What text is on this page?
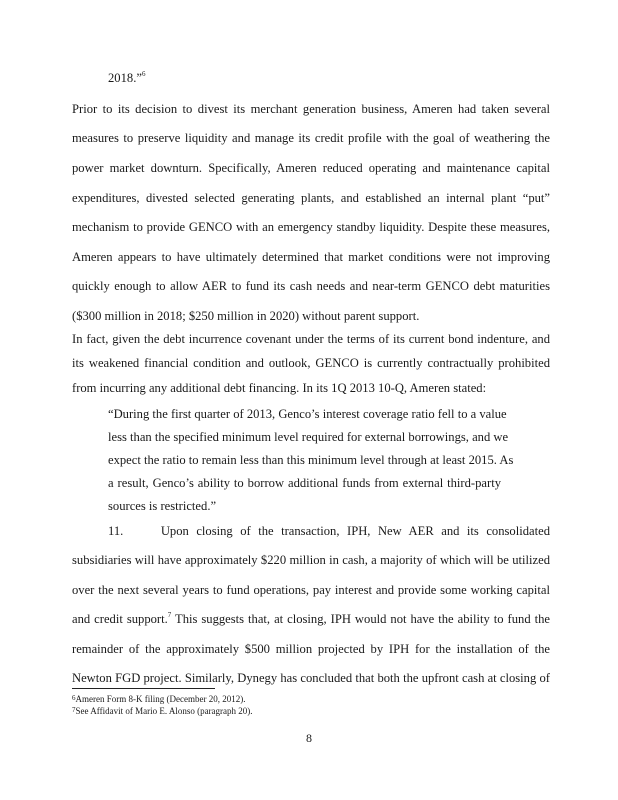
2018.”$^6$
Prior to its decision to divest its merchant generation business, Ameren had taken several
measures to preserve liquidity and manage its credit profile with the goal of weathering the
power market downturn. Specifically, Ameren reduced operating and maintenance capital
expenditures, divested selected generating plants, and established an internal plant “put”
mechanism to provide GENCO with an emergency standby liquidity. Despite these measures,
Ameren appears to have ultimately determined that market conditions were not improving
quickly enough to allow AER to fund its cash needs and near-term GENCO debt maturities
($300 million in 2018; $250 million in 2020) without parent support.
In fact, given the debt incurrence covenant under the terms of its current bond indenture, and
its weakened financial condition and outlook, GENCO is currently contractually prohibited
from incurring any additional debt financing. In its 1Q 2013 10-Q, Ameren stated:
“During the first quarter of 2013, Genco’s interest coverage ratio fell to a value
less than the specified minimum level required for external borrowings, and we
expect the ratio to remain less than this minimum level through at least 2015. As
a result, Genco’s ability to borrow additional funds from external third-party
sources is restricted.”
11.     Upon closing of the transaction, IPH, New AER and its consolidated
subsidiaries will have approximately $220 million in cash, a majority of which will be utilized
over the next several years to fund operations, pay interest and provide some working capital
and credit support.$^7$ This suggests that, at closing, IPH would not have the ability to fund the
remainder of the approximately $500 million projected by IPH for the installation of the
Newton FGD project. Similarly, Dynegy has concluded that both the upfront cash at closing of
$^6$Ameren Form 8-K filing (December 20, 2012).
$^7$See Affidavit of Mario E. Alonso (paragraph 20).
8
